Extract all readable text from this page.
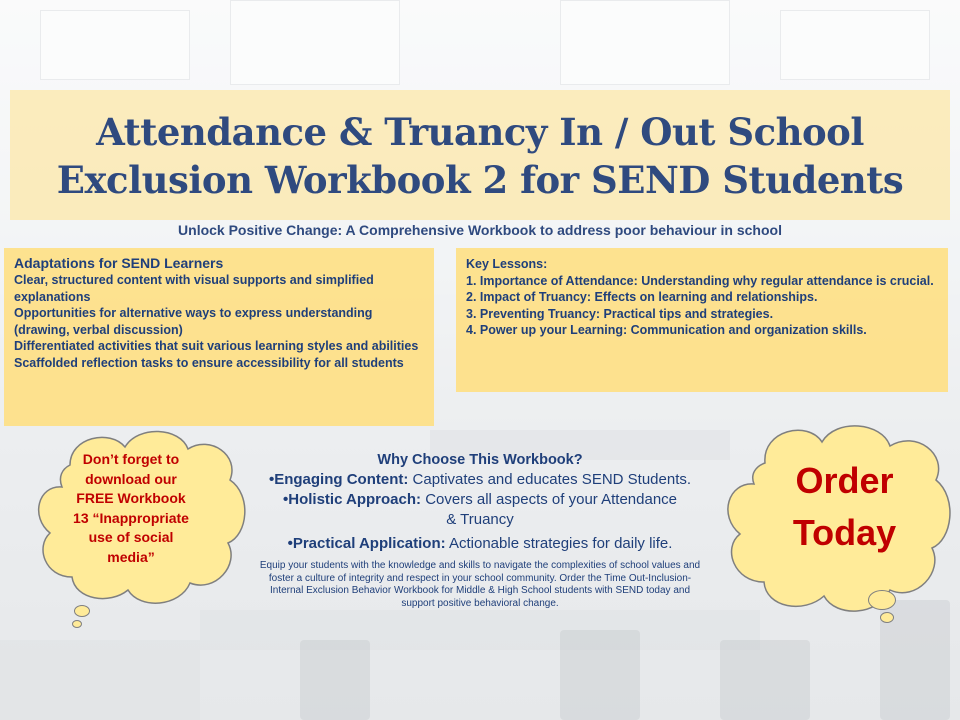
Attendance & Truancy In / Out School
Exclusion Workbook 2 for SEND Students
Unlock Positive Change: A Comprehensive Workbook to address poor behaviour in school

Adaptations for SEND Learners

Clear, structured content with visual supports and simplified explanations

Opportunities for alternative ways to express understanding (drawing, verbal discussion)

Differentiated activities that suit various learning styles and abilities

Scaffolded reflection tasks to ensure accessibility for all students

Key Lessons:

1. Importance of Attendance: Understanding why regular attendance is crucial.

2. Impact of Truancy: Effects on learning and relationships.

3. Preventing Truancy: Practical tips and strategies.

4. Power up your Learning: Communication and organization skills.

Don’t forget to
download our
FREE Workbook
13 “Inappropriate
use of social
media”
Order
Today
Why Choose This Workbook?
•Engaging Content: Captivates and educates SEND Students.
•Holistic Approach: Covers all aspects of your Attendance & Truancy
•Practical Application: Actionable strategies for daily life.
Equip your students with the knowledge and skills to navigate the complexities of school values and foster a culture of integrity and respect in your school community. Order the Time Out-Inclusion- Internal Exclusion Behavior Workbook for Middle & High School students with SEND today and support positive behavioral change.
